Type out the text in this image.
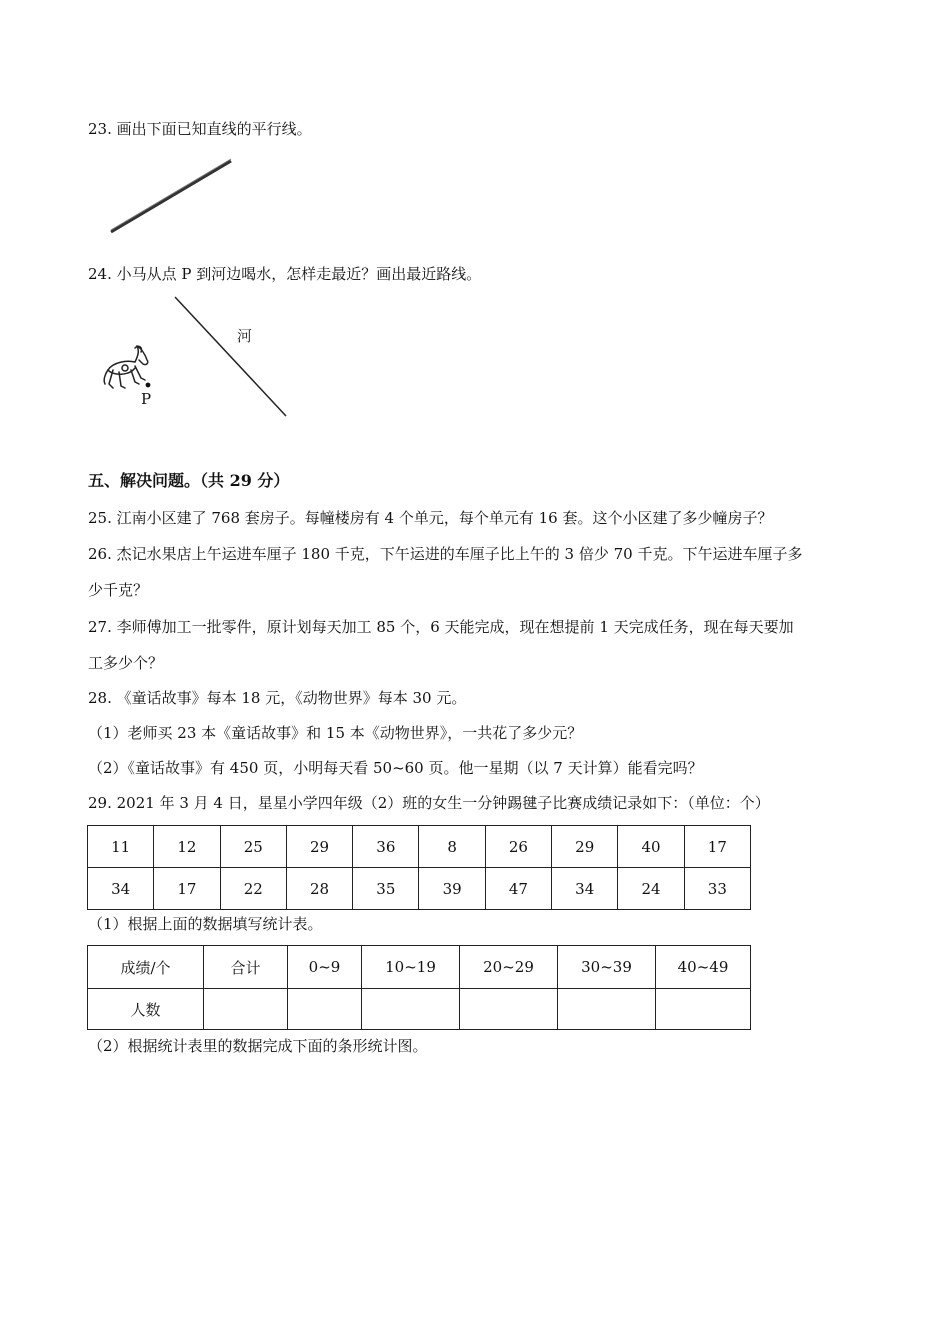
23. 画出下面已知直线的平行线。
24. 小马从点 P 到河边喝水，怎样走最近？画出最近路线。
河
P
五、解决问题。（共 29 分）
25. 江南小区建了 768 套房子。每幢楼房有 4 个单元，每个单元有 16 套。这个小区建了多少幢房子？
26. 杰记水果店上午运进车厘子 180 千克，下午运进的车厘子比上午的 3 倍少 70 千克。下午运进车厘子多
少千克？
27. 李师傅加工一批零件，原计划每天加工 85 个，6 天能完成，现在想提前 1 天完成任务，现在每天要加
工多少个？
28. 《童话故事》每本 18 元，《动物世界》每本 30 元。
（1）老师买 23 本《童话故事》和 15 本《动物世界》，一共花了多少元？
（2）《童话故事》有 450 页，小明每天看 50~60 页。他一星期（以 7 天计算）能看完吗？
29. 2021 年 3 月 4 日，星星小学四年级（2）班的女生一分钟踢毽子比赛成绩记录如下：（单位：个）
11	12	25	29	36	8	26	29	40	17
34	17	22	28	35	39	47	34	24	33
（1）根据上面的数据填写统计表。
成绩/个	合计	0~9	10~19	20~29	30~39	40~49
人数						
（2）根据统计表里的数据完成下面的条形统计图。
